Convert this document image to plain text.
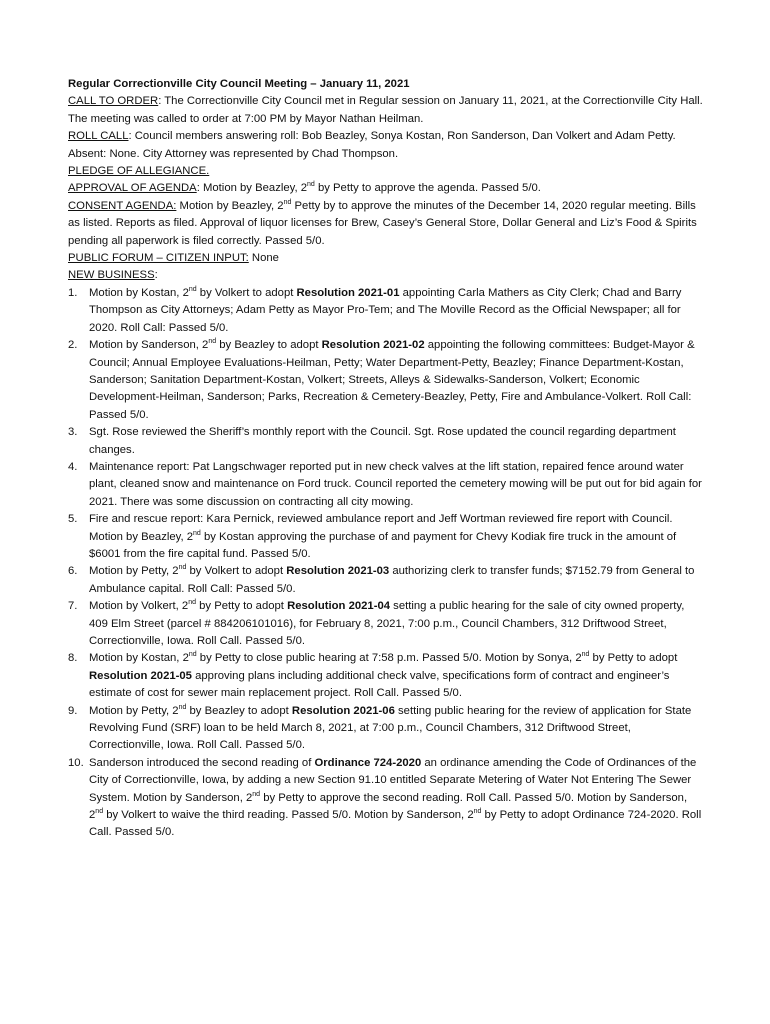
Regular Correctionville City Council Meeting – January 11, 2021

CALL TO ORDER: The Correctionville City Council met in Regular session on January 11, 2021, at the Correctionville City Hall. The meeting was called to order at 7:00 PM by Mayor Nathan Heilman.

ROLL CALL: Council members answering roll: Bob Beazley, Sonya Kostan, Ron Sanderson, Dan Volkert and Adam Petty. Absent: None. City Attorney was represented by Chad Thompson.

PLEDGE OF ALLEGIANCE.

APPROVAL OF AGENDA: Motion by Beazley, 2nd by Petty to approve the agenda. Passed 5/0.

CONSENT AGENDA: Motion by Beazley, 2nd Petty by to approve the minutes of the December 14, 2020 regular meeting. Bills as listed. Reports as filed. Approval of liquor licenses for Brew, Casey’s General Store, Dollar General and Liz’s Food & Spirits pending all paperwork is filed correctly. Passed 5/0.

PUBLIC FORUM – CITIZEN INPUT: None

NEW BUSINESS:

1. Motion by Kostan, 2nd by Volkert to adopt Resolution 2021-01 appointing Carla Mathers as City Clerk; Chad and Barry Thompson as City Attorneys; Adam Petty as Mayor Pro-Tem; and The Moville Record as the Official Newspaper; all for 2020. Roll Call: Passed 5/0.
2. Motion by Sanderson, 2nd by Beazley to adopt Resolution 2021-02 appointing the following committees: Budget-Mayor & Council; Annual Employee Evaluations-Heilman, Petty; Water Department-Petty, Beazley; Finance Department-Kostan, Sanderson; Sanitation Department-Kostan, Volkert; Streets, Alleys & Sidewalks-Sanderson, Volkert; Economic Development-Heilman, Sanderson; Parks, Recreation & Cemetery-Beazley, Petty, Fire and Ambulance-Volkert. Roll Call: Passed 5/0.
3. Sgt. Rose reviewed the Sheriff’s monthly report with the Council. Sgt. Rose updated the council regarding department changes.
4. Maintenance report: Pat Langschwager reported put in new check valves at the lift station, repaired fence around water plant, cleaned snow and maintenance on Ford truck. Council reported the cemetery mowing will be put out for bid again for 2021. There was some discussion on contracting all city mowing.
5. Fire and rescue report: Kara Pernick, reviewed ambulance report and Jeff Wortman reviewed fire report with Council. Motion by Beazley, 2nd by Kostan approving the purchase of and payment for Chevy Kodiak fire truck in the amount of $6001 from the fire capital fund. Passed 5/0.
6. Motion by Petty, 2nd by Volkert to adopt Resolution 2021-03 authorizing clerk to transfer funds; $7152.79 from General to Ambulance capital. Roll Call: Passed 5/0.
7. Motion by Volkert, 2nd by Petty to adopt Resolution 2021-04 setting a public hearing for the sale of city owned property, 409 Elm Street (parcel # 884206101016), for February 8, 2021, 7:00 p.m., Council Chambers, 312 Driftwood Street, Correctionville, Iowa. Roll Call. Passed 5/0.
8. Motion by Kostan, 2nd by Petty to close public hearing at 7:58 p.m. Passed 5/0. Motion by Sonya, 2nd by Petty to adopt Resolution 2021-05 approving plans including additional check valve, specifications form of contract and engineer’s estimate of cost for sewer main replacement project. Roll Call. Passed 5/0.
9. Motion by Petty, 2nd by Beazley to adopt Resolution 2021-06 setting public hearing for the review of application for State Revolving Fund (SRF) loan to be held March 8, 2021, at 7:00 p.m., Council Chambers, 312 Driftwood Street, Correctionville, Iowa. Roll Call. Passed 5/0.
10. Sanderson introduced the second reading of Ordinance 724-2020 an ordinance amending the Code of Ordinances of the City of Correctionville, Iowa, by adding a new Section 91.10 entitled Separate Metering of Water Not Entering The Sewer System. Motion by Sanderson, 2nd by Petty to approve the second reading. Roll Call. Passed 5/0. Motion by Sanderson, 2nd by Volkert to waive the third reading. Passed 5/0. Motion by Sanderson, 2nd by Petty to adopt Ordinance 724-2020. Roll Call. Passed 5/0.
